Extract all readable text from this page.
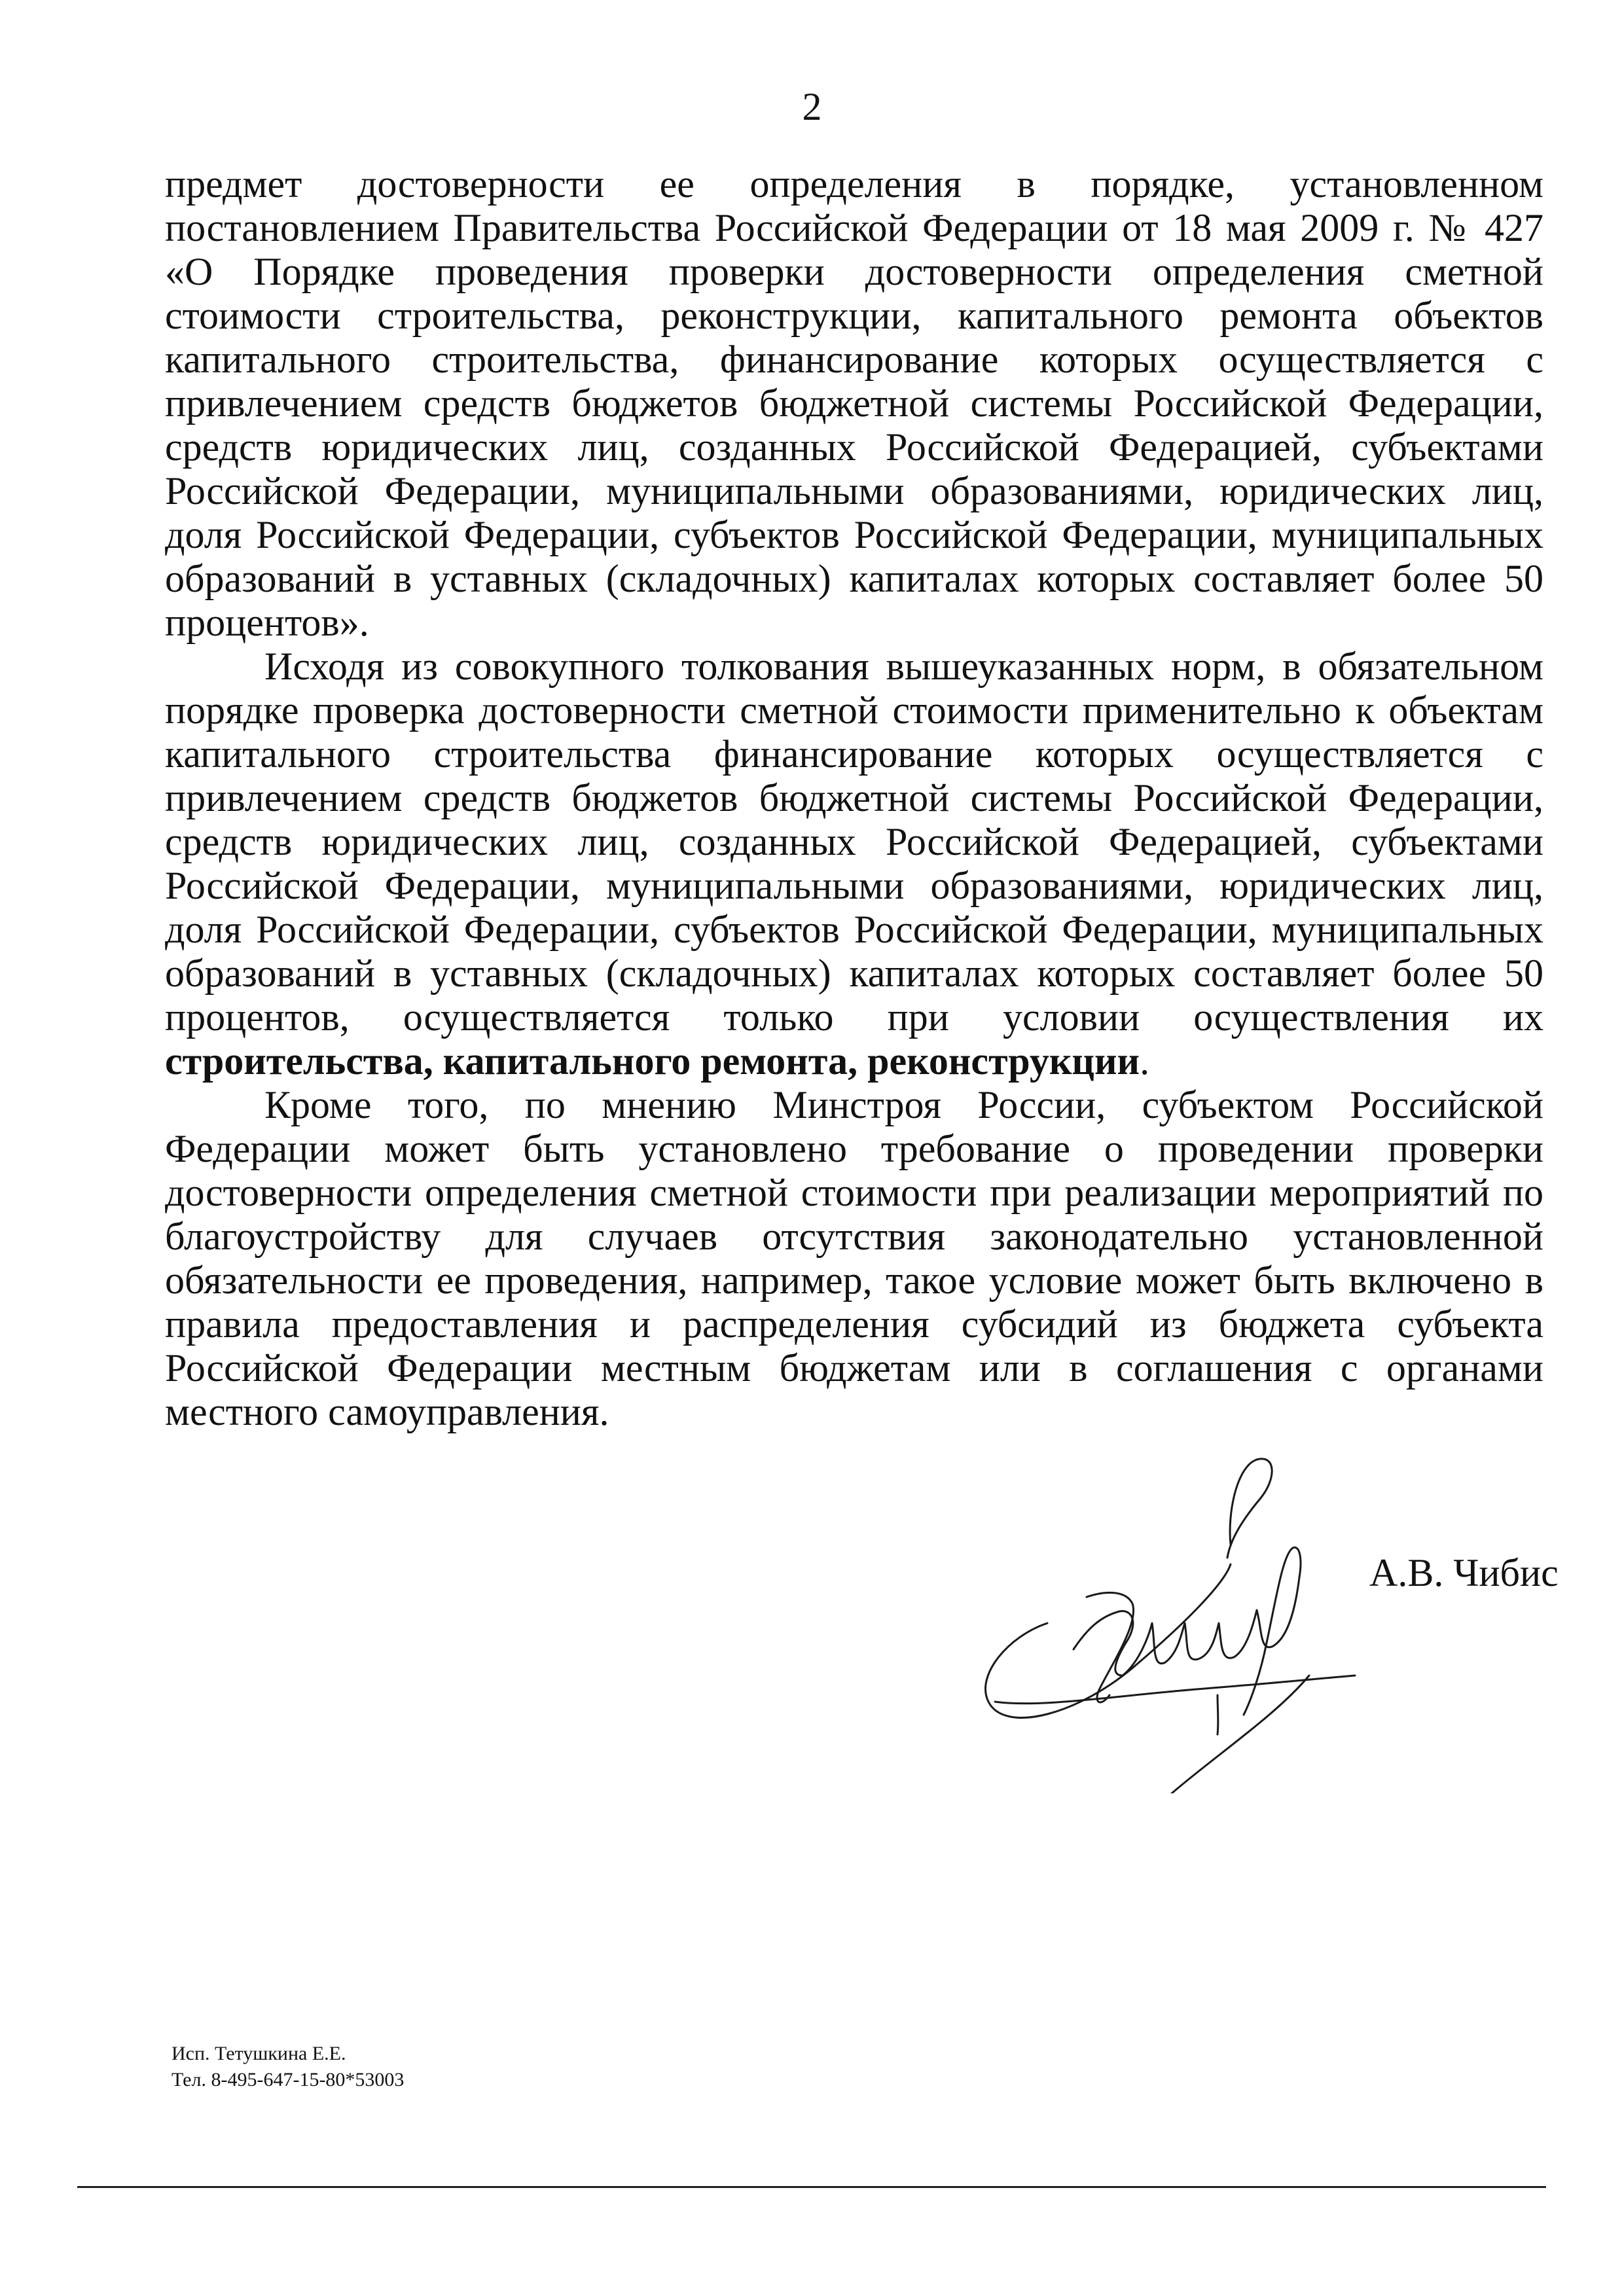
2

предмет достоверности ее определения в порядке, установленном постановлением Правительства Российской Федерации от 18 мая 2009 г. № 427 «О Порядке проведения проверки достоверности определения сметной стоимости строительства, реконструкции, капитального ремонта объектов капитального строительства, финансирование которых осуществляется с привлечением средств бюджетов бюджетной системы Российской Федерации, средств юридических лиц, созданных Российской Федерацией, субъектами Российской Федерации, муниципальными образованиями, юридических лиц, доля Российской Федерации, субъектов Российской Федерации, муниципальных образований в уставных (складочных) капиталах которых составляет более 50 процентов».

Исходя из совокупного толкования вышеуказанных норм, в обязательном порядке проверка достоверности сметной стоимости применительно к объектам капитального строительства финансирование которых осуществляется с привлечением средств бюджетов бюджетной системы Российской Федерации, средств юридических лиц, созданных Российской Федерацией, субъектами Российской Федерации, муниципальными образованиями, юридических лиц, доля Российской Федерации, субъектов Российской Федерации, муниципальных образований в уставных (складочных) капиталах которых составляет более 50 процентов, осуществляется только при условии осуществления их строительства, капитального ремонта, реконструкции.

Кроме того, по мнению Минстроя России, субъектом Российской Федерации может быть установлено требование о проведении проверки достоверности определения сметной стоимости при реализации мероприятий по благоустройству для случаев отсутствия законодательно установленной обязательности ее проведения, например, такое условие может быть включено в правила предоставления и распределения субсидий из бюджета субъекта Российской Федерации местным бюджетам или в соглашения с органами местного самоуправления.

А.В. Чибис
Исп. Тетушкина Е.Е.
Тел. 8-495-647-15-80*53003
